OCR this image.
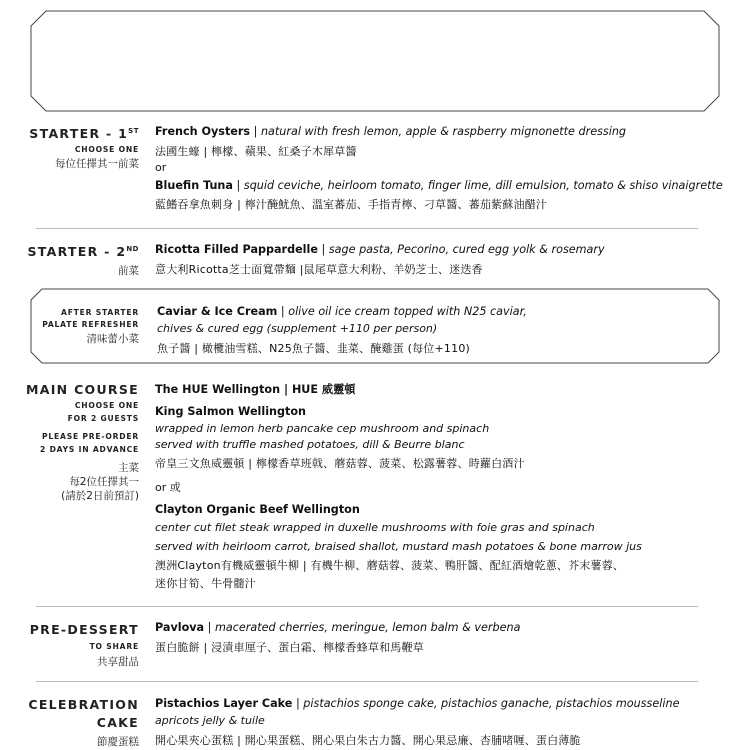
STARTER - 1ST
CHOOSE ONE
每位任擇其一前菜
French Oysters | natural with fresh lemon, apple & raspberry mignonette dressing
法國生蠔 | 檸檬、蘋果、紅桑子木犀草醬
or
Bluefin Tuna | squid ceviche, heirloom tomato, finger lime, dill emulsion, tomato & shiso vinaigrette
藍鰭吞拿魚刺身 | 檸汁醃魷魚、溫室蕃茄、手指青檸、刁草醬、蕃茄紫蘇油醋汁
STARTER - 2ND
前菜
Ricotta Filled Pappardelle | sage pasta, Pecorino, cured egg yolk & rosemary
意大利Ricotta芝士面寬帶麵 |鼠尾草意大利粉、羊奶芝士、迷迭香
AFTER STARTER
PALATE REFRESHER
清味蕾小菜
Caviar & Ice Cream | olive oil ice cream topped with N25 caviar,
chives & cured egg (supplement +110 per person)
魚子醬 | 橄欖油雪糕、N25魚子醬、韭菜、醃雞蛋 (每位+110)
MAIN COURSE
CHOOSE ONE
FOR 2 GUESTS
PLEASE PRE-ORDER
2 DAYS IN ADVANCE
主菜
每2位任擇其一
(請於2日前預訂)
The HUE Wellington | HUE 威靈頓
King Salmon Wellington
wrapped in lemon herb pancake cep mushroom and spinach
served with truffle mashed potatoes, dill & Beurre blanc
帝皇三文魚威靈頓 | 檸檬香草班戟、蘑菇蓉、菠菜、松露薯蓉、時蘿白酒汁
or 或
Clayton Organic Beef Wellington
center cut filet steak wrapped in duxelle mushrooms with foie gras and spinach
served with heirloom carrot, braised shallot, mustard mash potatoes & bone marrow jus
澳洲Clayton有機威靈頓牛柳 | 有機牛柳、蘑菇蓉、菠菜、鴨肝醬、配紅酒燴乾蔥、芥末薯蓉、
迷你甘筍、牛骨髓汁
PRE-DESSERT
TO SHARE
共享甜品
Pavlova | macerated cherries, meringue, lemon balm & verbena
蛋白脆餅 | 浸漬車厘子、蛋白霜、檸檬香蜂草和馬鞭草
CELEBRATION
CAKE
節慶蛋糕
Pistachios Layer Cake | pistachios sponge cake, pistachios ganache, pistachios mousseline
apricots jelly & tuile
開心果夾心蛋糕 | 開心果蛋糕、開心果白朱古力醬、開心果忌廉、杏脯啫喱、蛋白薄脆
